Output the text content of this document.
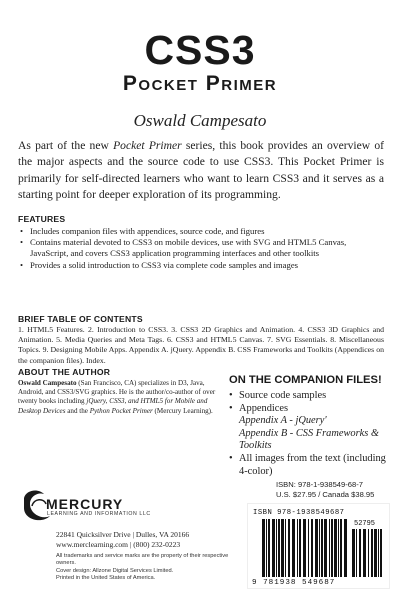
CSS3
Pocket Primer
Oswald Campesato
As part of the new Pocket Primer series, this book provides an overview of the major aspects and the source code to use CSS3. This Pocket Primer is primarily for self-directed learners who want to learn CSS3 and it serves as a starting point for deeper exploration of its programming.
FEATURES
• Includes companion files with appendices, source code, and figures
• Contains material devoted to CSS3 on mobile devices, use with SVG and HTML5 Canvas, JavaScript, and covers CSS3 application programming interfaces and other toolkits
• Provides a solid introduction to CSS3 via complete code samples and images
BRIEF TABLE OF CONTENTS
1. HTML5 Features. 2. Introduction to CSS3. 3. CSS3 2D Graphics and Animation. 4. CSS3 3D Graphics and Animation. 5. Media Queries and Meta Tags. 6. CSS3 and HTML5 Canvas. 7. SVG Essentials. 8. Miscellaneous Topics. 9. Designing Mobile Apps. Appendix A. jQuery. Appendix B. CSS Frameworks and Toolkits (Appendices on the companion files). Index.
ABOUT THE AUTHOR
Oswald Campesato (San Francisco, CA) specializes in D3, Java, Android, and CSS3/SVG graphics. He is the author/co-author of over twenty books including jQuery, CSS3, and HTML5 for Mobile and Desktop Devices and the Python Pocket Primer (Mercury Learning).
ON THE COMPANION FILES!
• Source code samples
• Appendices
Appendix A - jQuery'
Appendix B - CSS Frameworks & Toolkits
• All images from the text (including 4-color)
MERCURY
LEARNING AND INFORMATION LLC
22841 Quicksilver Drive | Dulles, VA 20166
www.merclearning.com | (800) 232-0223
All trademarks and service marks are the property of their respective owners.
Cover design: Allzone Digital Services Limited.
Printed in the United States of America.
ISBN: 978-1-938549-68-7
U.S. $27.95 / Canada $38.95
ISBN 978-1938549687
52795
9 781938 549687
